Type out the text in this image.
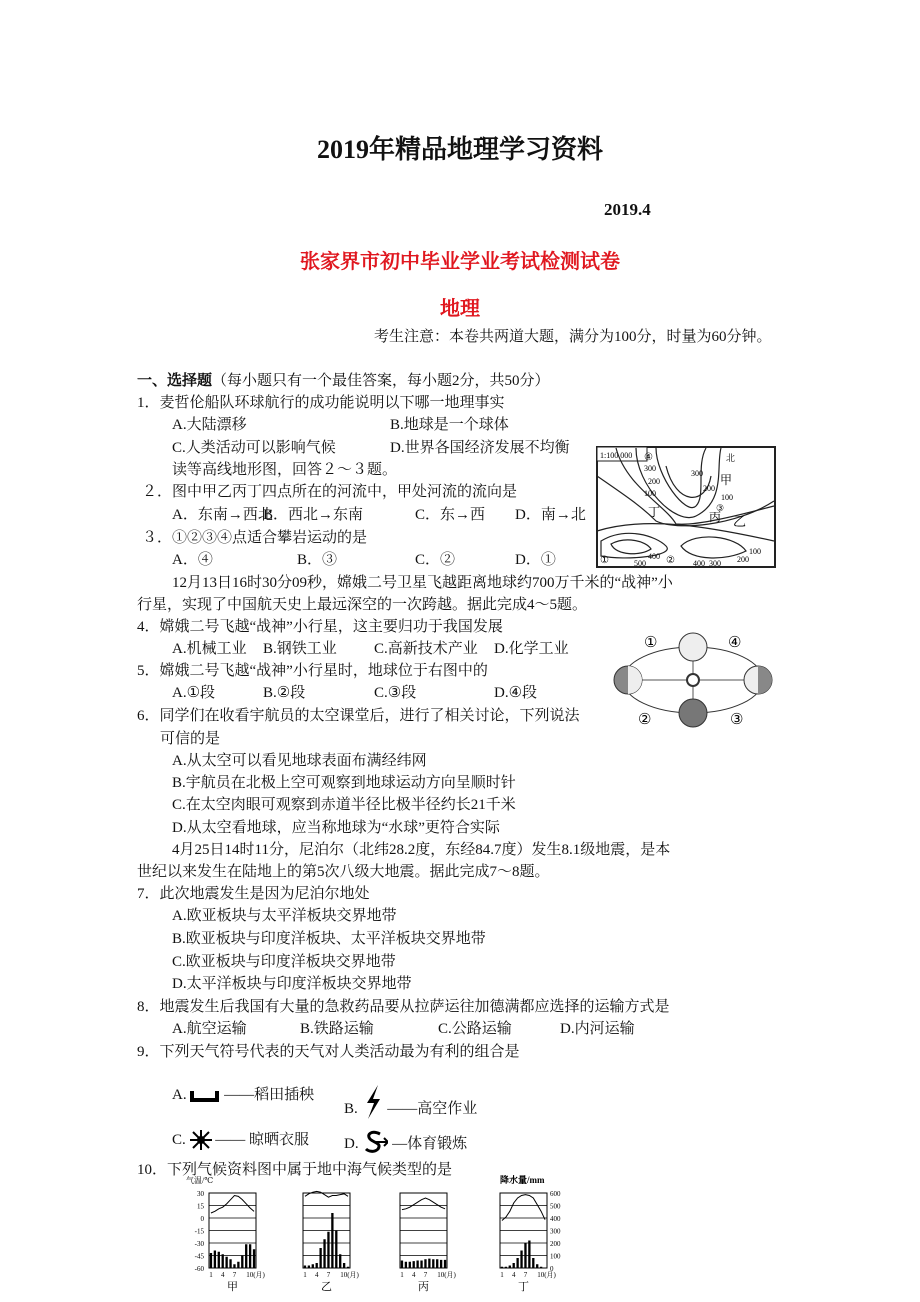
2019年精品地理学习资料
2019.4
张家界市初中毕业学业考试检测试卷
地理
考生注意：本卷共两道大题，满分为100分，时量为60分钟。
一、选择题（每小题只有一个最佳答案，每小题2分，共50分）
1．麦哲伦船队环球航行的成功能说明以下哪一地理事实
A.大陆漂移	B.地球是一个球体
C.人类活动可以影响气候	D.世界各国经济发展不均衡
读等高线地形图，回答２～３题。
２．图中甲乙丙丁四点所在的河流中，甲处河流的流向是
A．东南→西北
B．西北→东南	C．东→西 D．南→北
３．①②③④点适合攀岩运动的是
A．④	B．③	C．②	D．①
1:100 000	北
甲
乙
丙
丁
④
①	②
③
300
200
100
300
200
100
100
400
500	400 300 200
12月13日16时30分09秒，嫦娥二号卫星飞越距离地球约700万千米的“战神”小
行星，实现了中国航天史上最远深空的一次跨越。据此完成4～5题。
4．嫦娥二号飞越“战神”小行星，这主要归功于我国发展
A.机械工业 B.钢铁工业 C.高新技术产业 D.化学工业
5．嫦娥二号飞越“战神”小行星时，地球位于右图中的
A.①段	B.②段	C.③段	D.④段
①
②	③
④
6．同学们在收看宇航员的太空课堂后，进行了相关讨论，下列说法
可信的是
A.从太空可以看见地球表面布满经纬网
B.宇航员在北极上空可观察到地球运动方向呈顺时针
C.在太空肉眼可观察到赤道半径比极半径约长21千米
D.从太空看地球，应当称地球为“水球”更符合实际
4月25日14时11分，尼泊尔（北纬28.2度，东经84.7度）发生8.1级地震，是本
世纪以来发生在陆地上的第5次八级大地震。据此完成7～8题。
7．此次地震发生是因为尼泊尔地处
A.欧亚板块与太平洋板块交界地带
B.欧亚板块与印度洋板块、太平洋板块交界地带
C.欧亚板块与印度洋板块交界地带
D.太平洋板块与印度洋板块交界地带
8．地震发生后我国有大量的急救药品要从拉萨运往加德满都应选择的运输方式是
A.航空运输	B.铁路运输	C.公路运输	D.内河运输
9．下列天气符号代表的天气对人类活动最为有利的组合是
A.	——稻田插秧
B. ——高空作业
C. —— 晾晒衣服 D. —体育锻炼
10．下列气候资料图中属于地中海气候类型的是
气温/℃	降水量/mm
30
15
0
-15
-30
-45
-60
600
500
400
300
200
100
0
1 4 7 10(月)
甲
1 4 7 10(月)
乙
1 4 7 10(月)
丙
1 4 7 10(月)
丁
